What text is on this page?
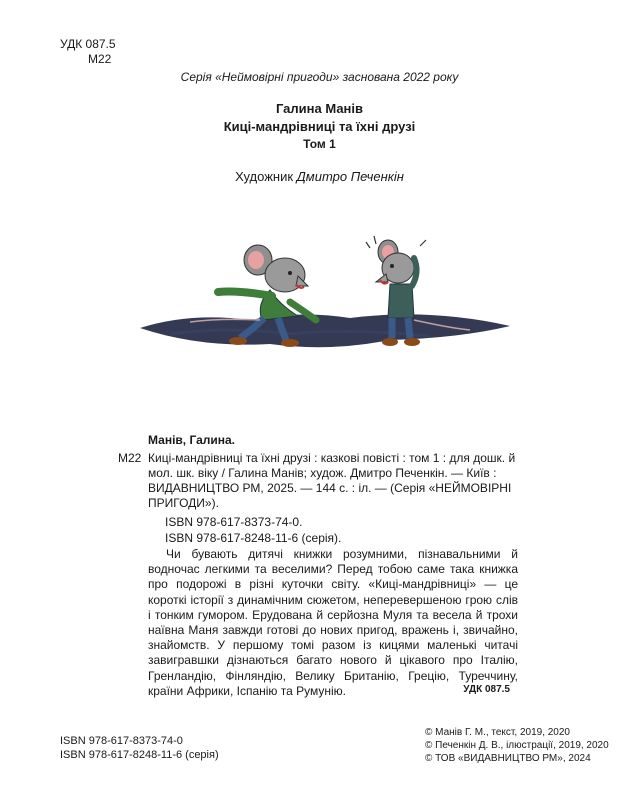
УДК 087.5
М22
Серія «Неймовірні пригоди» заснована 2022 року
Галина Манів
Киці-мандрівниці та їхні друзі
Том 1
Художник Дмитро Печенкін
Манів, Галина.
М22 Киці-мандрівниці та їхні друзі : казкові повісті : том 1 : для дошк. й мол. шк. віку / Галина Манів; худож. Дмитро Печенкін. — Київ : ВИДАВНИЦТВО РМ, 2025. — 144 с. : іл. — (Серія «НЕЙМОВІРНІ ПРИГОДИ»).
ISBN 978-617-8373-74-0.
ISBN 978-617-8248-11-6 (серія).

Чи бувають дитячі книжки розумними, пізнавальними й водночас легкими та веселими? Перед тобою саме така книжка про подорожі в різні куточки світу. «Киці-мандрівниці» — це короткі історії з динамічним сюжетом, неперевершеною грою слів і тонким гумором. Ерудована й серйозна Муля та весела й трохи наївна Маня завжди готові до нових пригод, вражень і, звичайно, знайомств. У першому томі разом із кицями маленькі читачі завигравшки дізнаються багато нового й цікавого про Італію, Гренландію, Фінляндію, Велику Британію, Грецію, Туреччину, країни Африки, Іспанію та Румунію.	УДК 087.5
ISBN 978-617-8373-74-0
ISBN 978-617-8248-11-6 (серія)
© Манів Г. М., текст, 2019, 2020
© Печенкін Д. В., ілюстрації, 2019, 2020
© ТОВ «ВИДАВНИЦТВО РМ», 2024
